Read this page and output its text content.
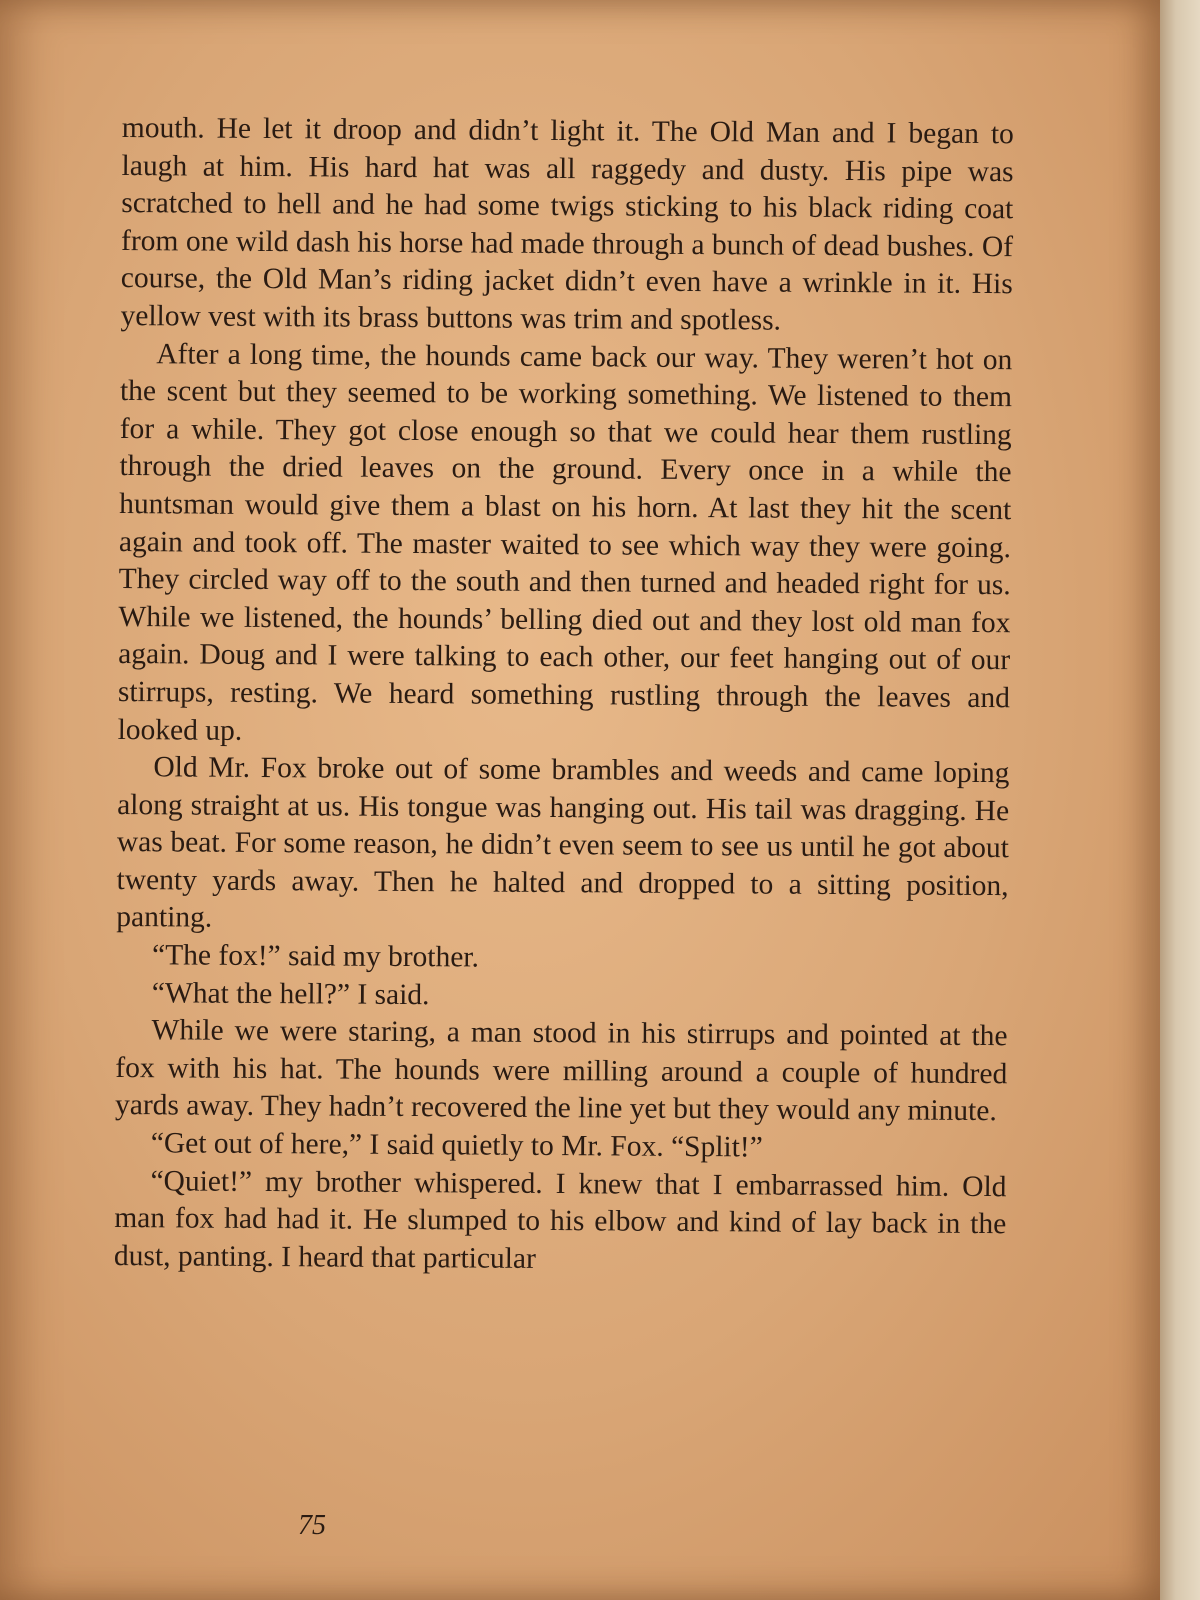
mouth. He let it droop and didn’t light it. The Old Man and I began to laugh at him. His hard hat was all raggedy and dusty. His pipe was scratched to hell and he had some twigs sticking to his black riding coat from one wild dash his horse had made through a bunch of dead bushes. Of course, the Old Man’s riding jacket didn’t even have a wrinkle in it. His yellow vest with its brass buttons was trim and spotless.

After a long time, the hounds came back our way. They weren’t hot on the scent but they seemed to be working something. We listened to them for a while. They got close enough so that we could hear them rustling through the dried leaves on the ground. Every once in a while the huntsman would give them a blast on his horn. At last they hit the scent again and took off. The master waited to see which way they were going. They circled way off to the south and then turned and headed right for us. While we listened, the hounds’ belling died out and they lost old man fox again. Doug and I were talking to each other, our feet hanging out of our stirrups, resting. We heard something rustling through the leaves and looked up.

Old Mr. Fox broke out of some brambles and weeds and came loping along straight at us. His tongue was hanging out. His tail was dragging. He was beat. For some reason, he didn’t even seem to see us until he got about twenty yards away. Then he halted and dropped to a sitting position, panting.

“The fox!” said my brother.

“What the hell?” I said.

While we were staring, a man stood in his stirrups and pointed at the fox with his hat. The hounds were milling around a couple of hundred yards away. They hadn’t recovered the line yet but they would any minute.

“Get out of here,” I said quietly to Mr. Fox. “Split!”

“Quiet!” my brother whispered. I knew that I embarrassed him. Old man fox had had it. He slumped to his elbow and kind of lay back in the dust, panting. I heard that particular

75
